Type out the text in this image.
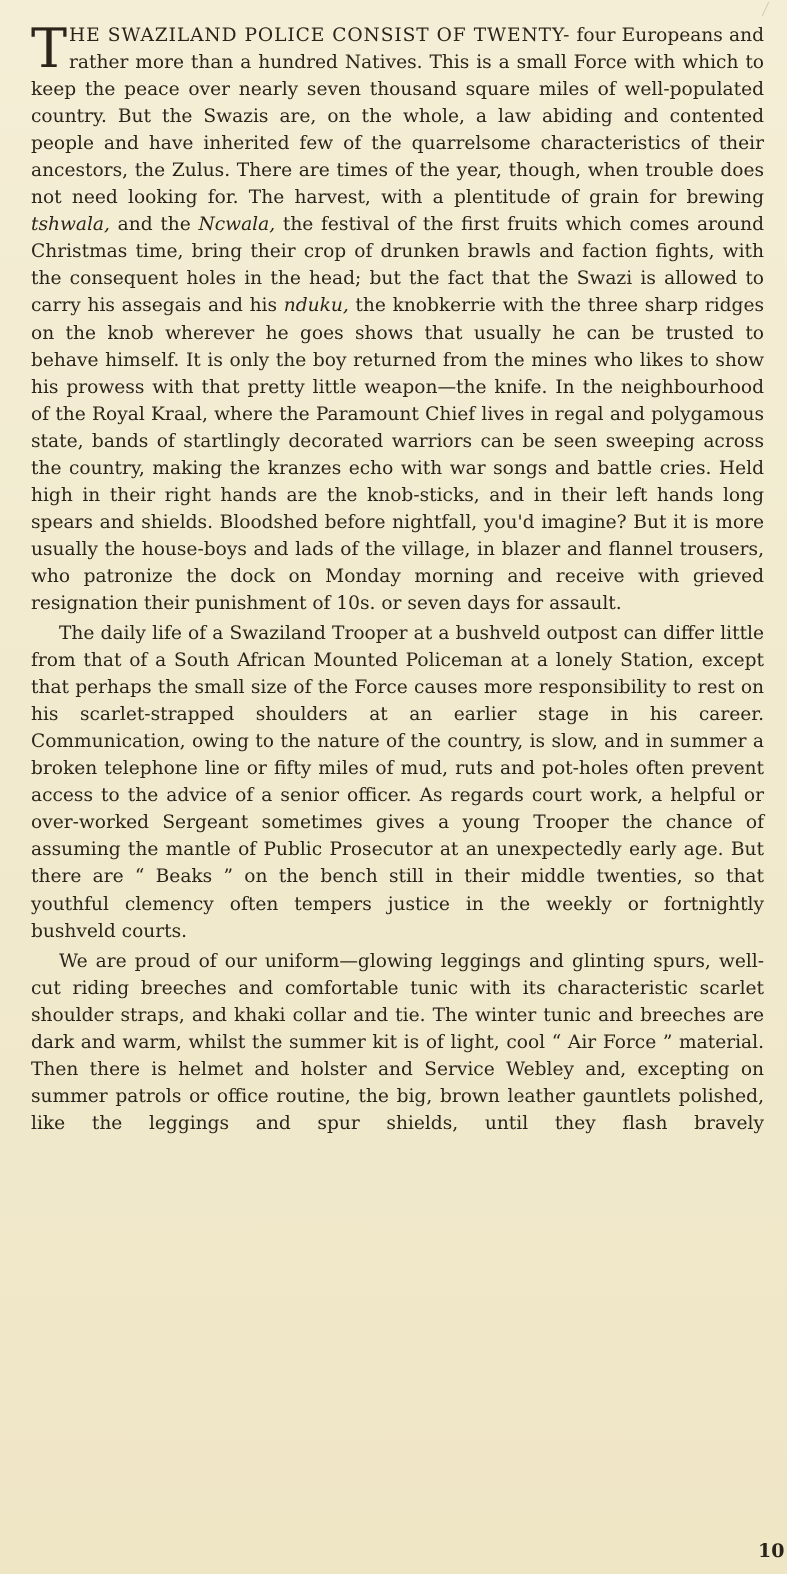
THE SWAZILAND POLICE CONSIST OF TWENTY- four Europeans and rather more than a hundred Natives. This is a small Force with which to keep the peace over nearly seven thousand square miles of well-populated country. But the Swazis are, on the whole, a law abiding and contented people and have inherited few of the quarrelsome characteristics of their ancestors, the Zulus. There are times of the year, though, when trouble does not need looking for. The harvest, with a plentitude of grain for brewing tshwala, and the Ncwala, the festival of the first fruits which comes around Christmas time, bring their crop of drunken brawls and faction fights, with the consequent holes in the head; but the fact that the Swazi is allowed to carry his assegais and his nduku, the knobkerrie with the three sharp ridges on the knob wherever he goes shows that usually he can be trusted to behave himself. It is only the boy returned from the mines who likes to show his prowess with that pretty little weapon—the knife. In the neighbourhood of the Royal Kraal, where the Paramount Chief lives in regal and polygamous state, bands of startlingly decorated warriors can be seen sweeping across the country, making the kranzes echo with war songs and battle cries. Held high in their right hands are the knob-sticks, and in their left hands long spears and shields. Bloodshed before nightfall, you'd imagine? But it is more usually the house-boys and lads of the village, in blazer and flannel trousers, who patronize the dock on Monday morning and receive with grieved resignation their punishment of 10s. or seven days for assault.

The daily life of a Swaziland Trooper at a bushveld outpost can differ little from that of a South African Mounted Policeman at a lonely Station, except that perhaps the small size of the Force causes more responsibility to rest on his scarlet-strapped shoulders at an earlier stage in his career. Communication, owing to the nature of the country, is slow, and in summer a broken telephone line or fifty miles of mud, ruts and pot-holes often prevent access to the advice of a senior officer. As regards court work, a helpful or over-worked Sergeant sometimes gives a young Trooper the chance of assuming the mantle of Public Prosecutor at an unexpectedly early age. But there are “ Beaks ” on the bench still in their middle twenties, so that youthful clemency often tempers justice in the weekly or fortnightly bushveld courts.

We are proud of our uniform—glowing leggings and glinting spurs, well-cut riding breeches and comfortable tunic with its characteristic scarlet shoulder straps, and khaki collar and tie. The winter tunic and breeches are dark and warm, whilst the summer kit is of light, cool “ Air Force ” material. Then there is helmet and holster and Service Webley and, excepting on summer patrols or office routine, the big, brown leather gauntlets polished, like the leggings and spur shields, until they flash bravely

10
